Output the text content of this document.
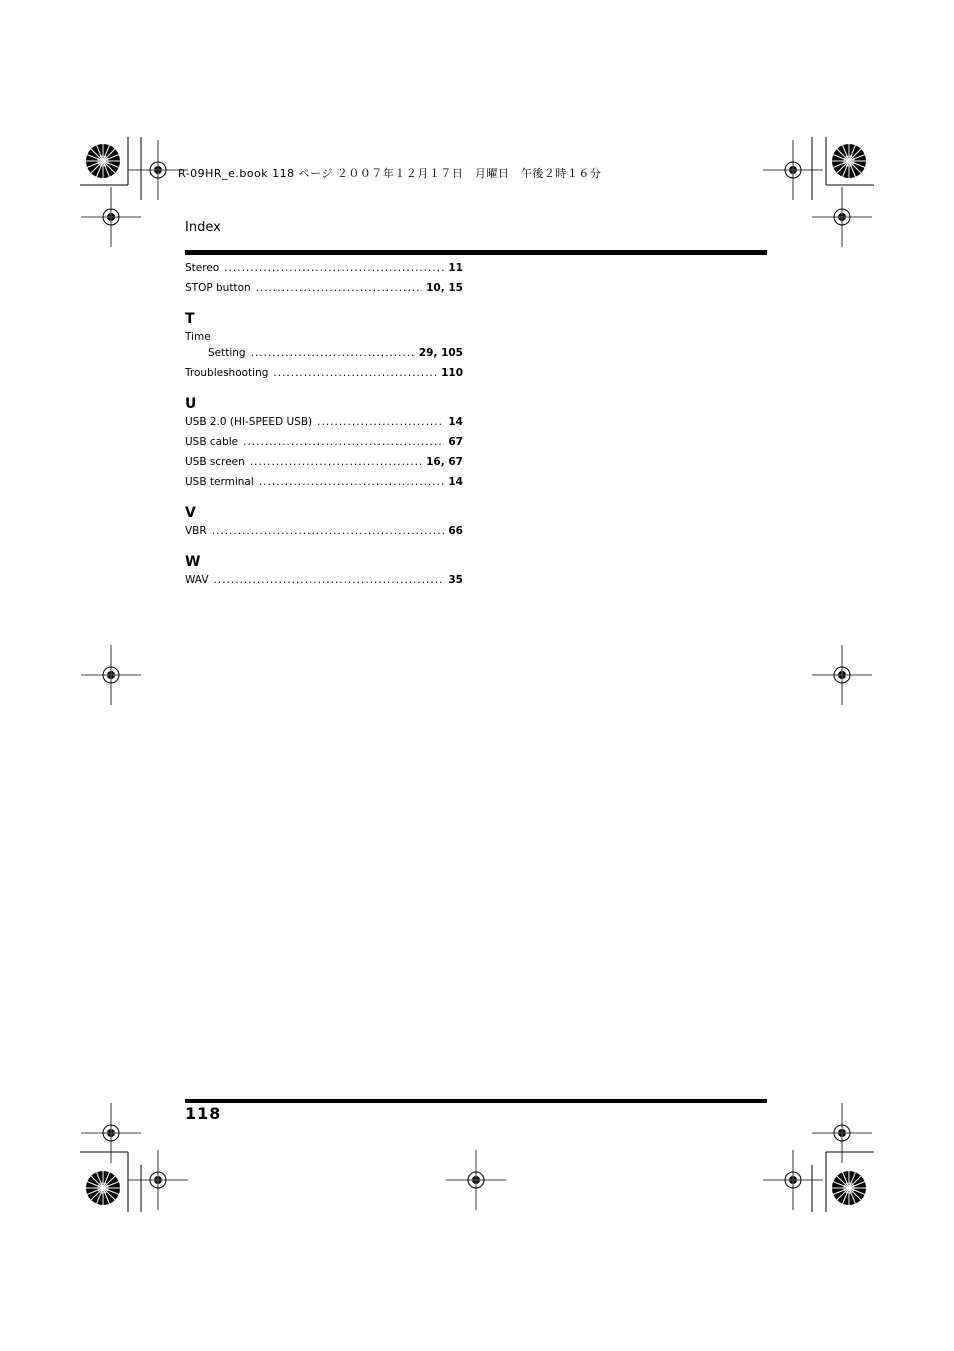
R-09HR_e.book 118 ページ ２００７年１２月１７日　月曜日　午後２時１６分
Index
Stereo .....	11
STOP button .....	10, 15
T
Time
Setting .....	29, 105
Troubleshooting .....	110
U
USB 2.0 (HI-SPEED USB) .....	14
USB cable .....	67
USB screen .....	16, 67
USB terminal .....	14
V
VBR .....	66
W
WAV .....	35
118
